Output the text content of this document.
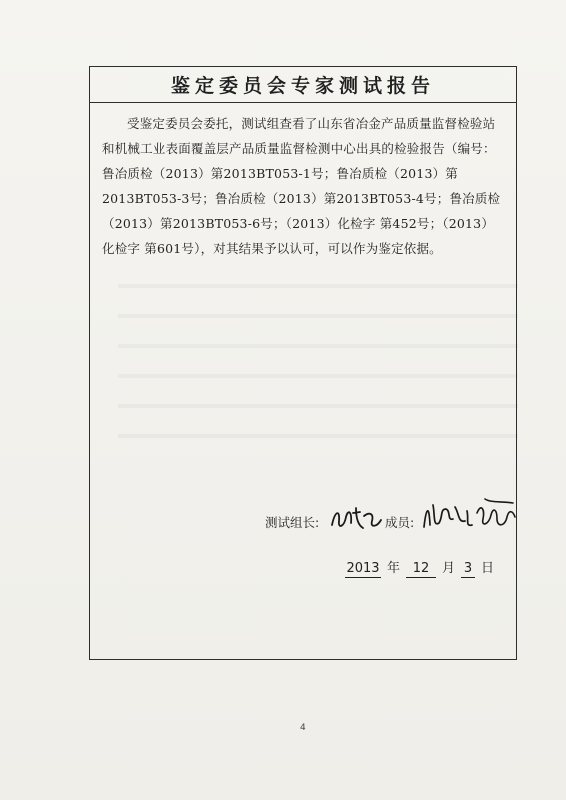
鉴定委员会专家测试报告

受鉴定委员会委托，测试组查看了山东省冶金产品质量监督检验站和机械工业表面覆盖层产品质量监督检测中心出具的检验报告（编号：鲁冶质检（2013）第2013BT053-1号；鲁冶质检（2013）第2013BT053-3号；鲁冶质检（2013）第2013BT053-4号；鲁冶质检（2013）第2013BT053-6号；（2013）化检字 第452号；（2013）化检字 第601号），对其结果予以认可，可以作为鉴定依据。

测试组长:	成员:
2013 年 12 月 3 日
4
